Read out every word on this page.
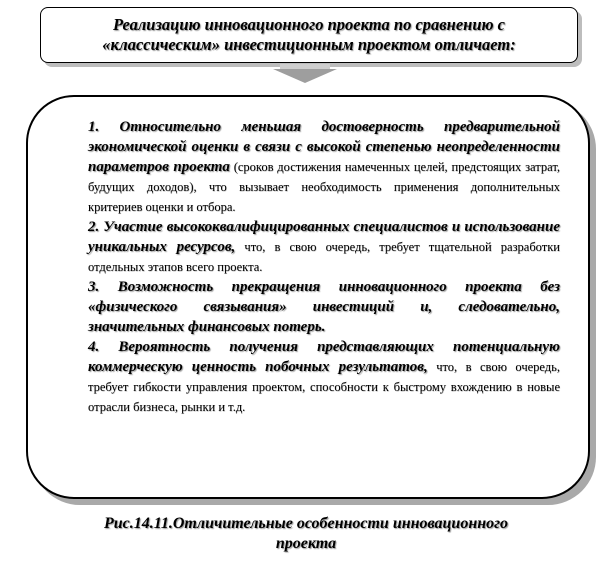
Реализацию инновационного проекта по сравнению с
«классическим» инвестиционным проектом отличает:

1. Относительно меньшая достоверность предварительной экономической оценки в связи с высокой степенью неопределенности параметров проекта (сроков достижения намеченных целей, предстоящих затрат, будущих доходов), что вызывает необходимость применения дополнительных критериев оценки и отбора.

2. Участие высококвалифицированных специалистов и использование уникальных ресурсов, что, в свою очередь, требует тщательной разработки отдельных этапов всего проекта.

3. Возможность прекращения инновационного проекта без «физического связывания» инвестиций и, следовательно, значительных финансовых потерь.

4. Вероятность получения представляющих потенциальную коммерческую ценность побочных результатов, что, в свою очередь, требует гибкости управления проектом, способности к быстрому вхождению в новые отрасли бизнеса, рынки и т.д.

Рис.14.11.Отличительные особенности инновационного
проекта
